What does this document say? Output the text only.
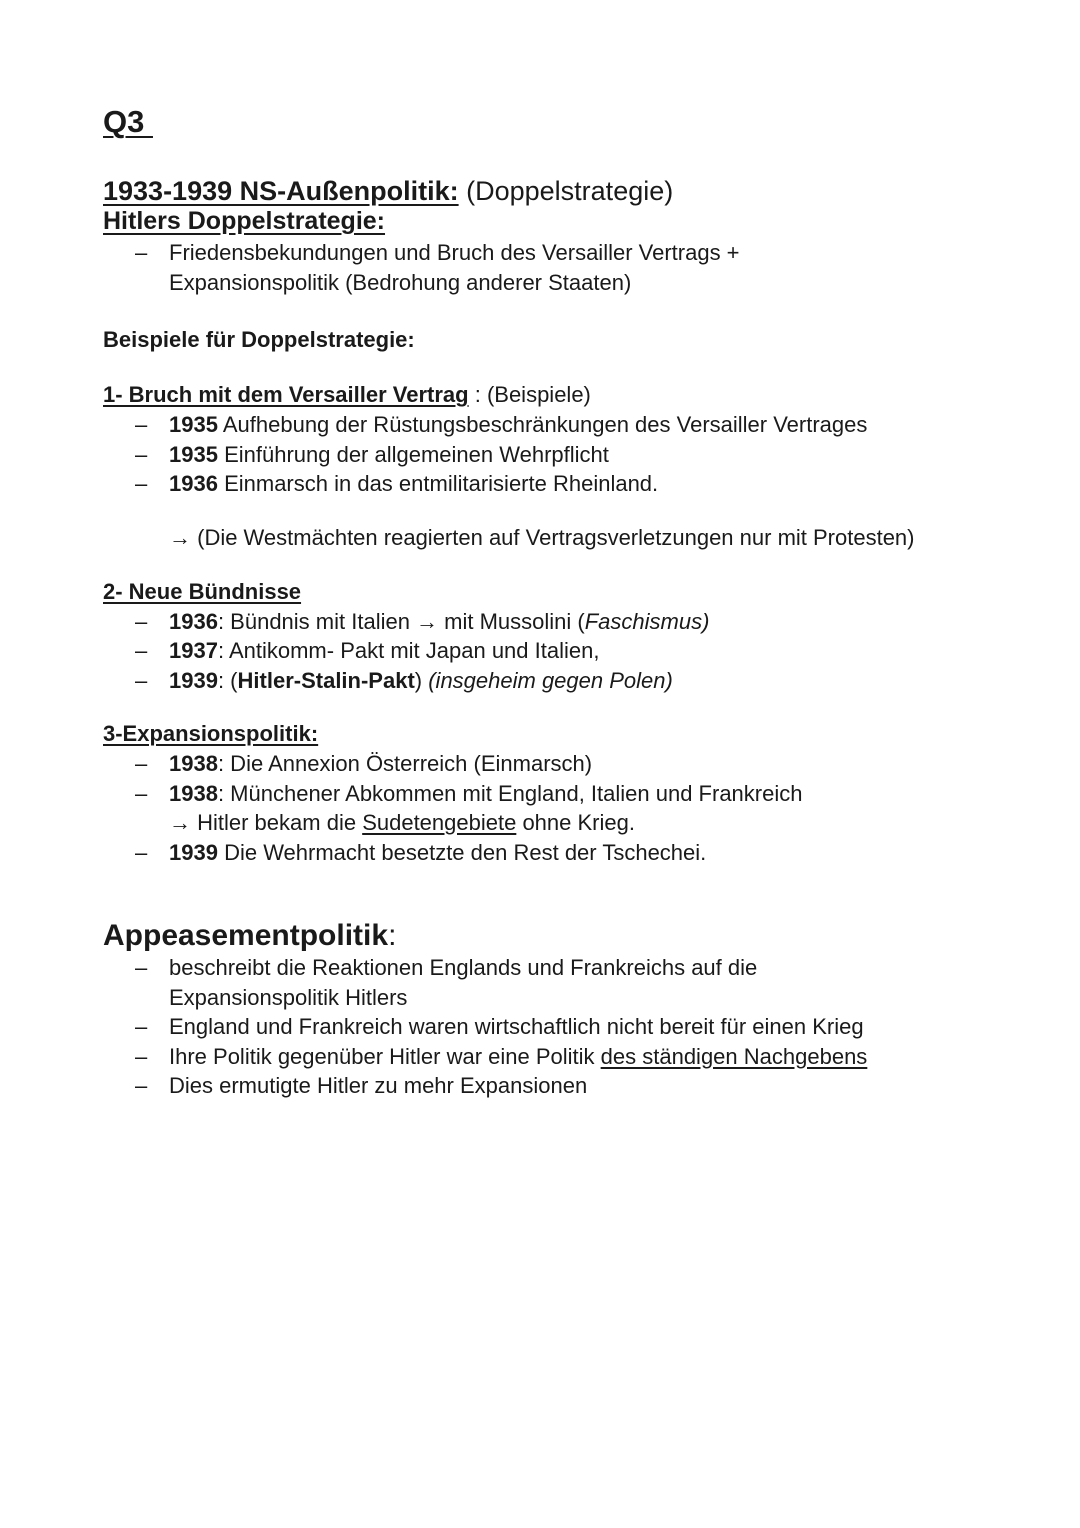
Q3
1933-1939 NS-Außenpolitik: (Doppelstrategie)
Hitlers Doppelstrategie:
– Friedensbekundungen und Bruch des Versailler Vertrags +
Expansionspolitik (Bedrohung anderer Staaten)
Beispiele für Doppelstrategie:
1- Bruch mit dem Versailler Vertrag : (Beispiele)
– 1935 Aufhebung der Rüstungsbeschränkungen des Versailler Vertrages
– 1935 Einführung der allgemeinen Wehrpflicht
– 1936 Einmarsch in das entmilitarisierte Rheinland.
→ (Die Westmächten reagierten auf Vertragsverletzungen nur mit Protesten)
2- Neue Bündnisse
– 1936: Bündnis mit Italien → mit Mussolini (Faschismus)
– 1937: Antikomm- Pakt mit Japan und Italien,
– 1939: (Hitler-Stalin-Pakt) (insgeheim gegen Polen)
3-Expansionspolitik:
– 1938: Die Annexion Österreich (Einmarsch)
– 1938: Münchener Abkommen mit England, Italien und Frankreich
→ Hitler bekam die Sudetengebiete ohne Krieg.
– 1939 Die Wehrmacht besetzte den Rest der Tschechei.
Appeasementpolitik:
– beschreibt die Reaktionen Englands und Frankreichs auf die
Expansionspolitik Hitlers
– England und Frankreich waren wirtschaftlich nicht bereit für einen Krieg
– Ihre Politik gegenüber Hitler war eine Politik des ständigen Nachgebens
– Dies ermutigte Hitler zu mehr Expansionen
